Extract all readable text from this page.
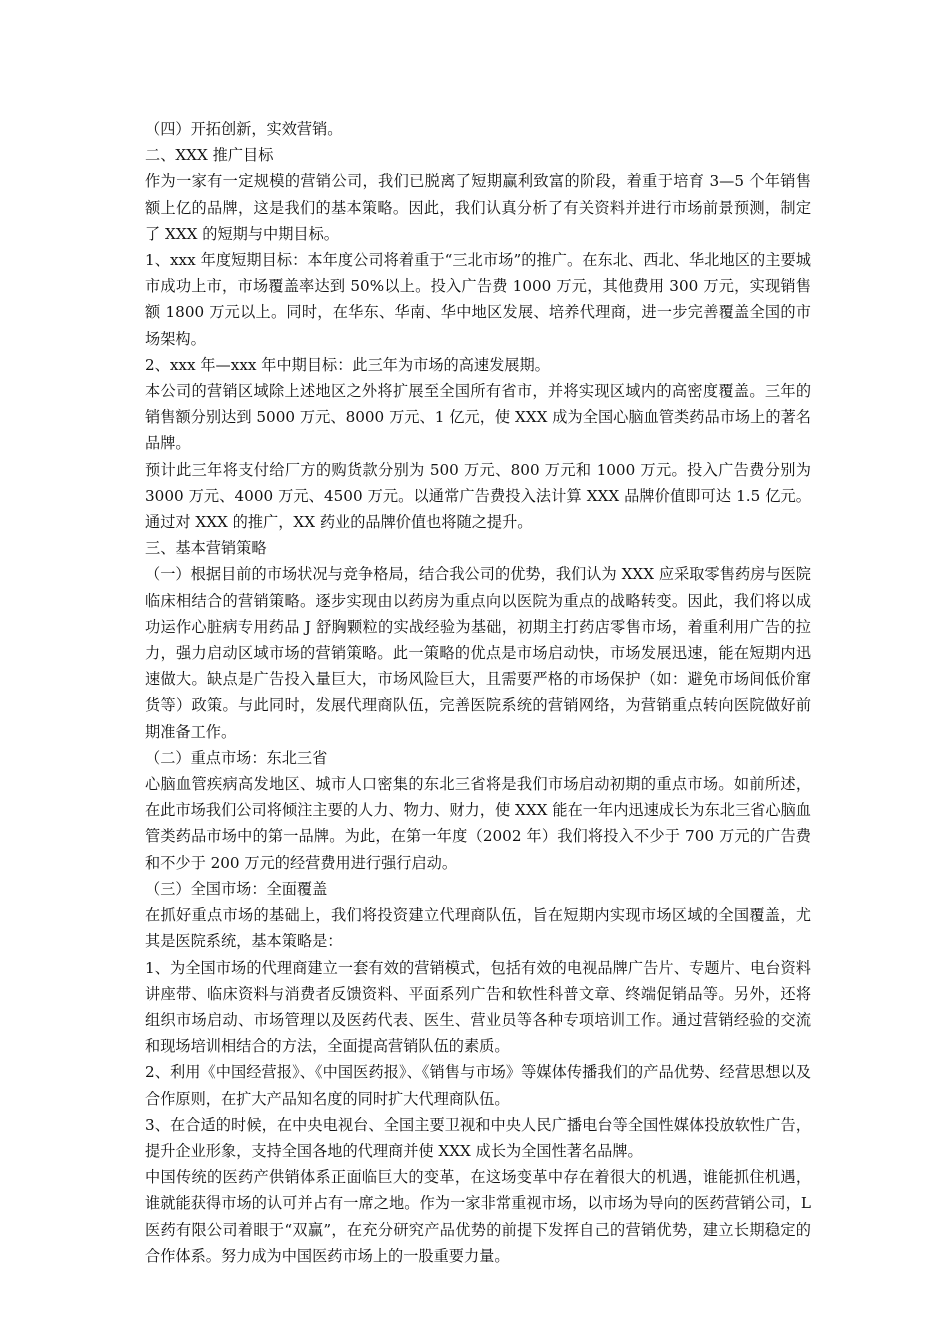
（四）开拓创新，实效营销。

二、XXX 推广目标

作为一家有一定规模的营销公司，我们已脱离了短期赢利致富的阶段，着重于培育 3—5 个年销售额上亿的品牌，这是我们的基本策略。因此，我们认真分析了有关资料并进行市场前景预测，制定了 XXX 的短期与中期目标。

1、xxx 年度短期目标：本年度公司将着重于“三北市场”的推广。在东北、西北、华北地区的主要城市成功上市，市场覆盖率达到 50%以上。投入广告费 1000 万元，其他费用 300 万元，实现销售额 1800 万元以上。同时，在华东、华南、华中地区发展、培养代理商，进一步完善覆盖全国的市场架构。

2、xxx 年—xxx 年中期目标：此三年为市场的高速发展期。

本公司的营销区域除上述地区之外将扩展至全国所有省市，并将实现区域内的高密度覆盖。三年的销售额分别达到 5000 万元、8000 万元、1 亿元，使 XXX 成为全国心脑血管类药品市场上的著名品牌。

预计此三年将支付给厂方的购货款分别为 500 万元、800 万元和 1000 万元。投入广告费分别为 3000 万元、4000 万元、4500 万元。以通常广告费投入法计算 XXX 品牌价值即可达 1.5 亿元。通过对 XXX 的推广，XX 药业的品牌价值也将随之提升。

三、基本营销策略

（一）根据目前的市场状况与竞争格局，结合我公司的优势，我们认为 XXX 应采取零售药房与医院临床相结合的营销策略。逐步实现由以药房为重点向以医院为重点的战略转变。因此，我们将以成功运作心脏病专用药品 J 舒胸颗粒的实战经验为基础，初期主打药店零售市场，着重利用广告的拉力，强力启动区域市场的营销策略。此一策略的优点是市场启动快，市场发展迅速，能在短期内迅速做大。缺点是广告投入量巨大，市场风险巨大，且需要严格的市场保护（如：避免市场间低价窜货等）政策。与此同时，发展代理商队伍，完善医院系统的营销网络，为营销重点转向医院做好前期准备工作。

（二）重点市场：东北三省

心脑血管疾病高发地区、城市人口密集的东北三省将是我们市场启动初期的重点市场。如前所述，在此市场我们公司将倾注主要的人力、物力、财力，使 XXX 能在一年内迅速成长为东北三省心脑血管类药品市场中的第一品牌。为此，在第一年度（2002 年）我们将投入不少于 700 万元的广告费和不少于 200 万元的经营费用进行强行启动。

（三）全国市场：全面覆盖

在抓好重点市场的基础上，我们将投资建立代理商队伍，旨在短期内实现市场区域的全国覆盖，尤其是医院系统，基本策略是：

1、为全国市场的代理商建立一套有效的营销模式，包括有效的电视品牌广告片、专题片、电台资料讲座带、临床资料与消费者反馈资料、平面系列广告和软性科普文章、终端促销品等。另外，还将组织市场启动、市场管理以及医药代表、医生、营业员等各种专项培训工作。通过营销经验的交流和现场培训相结合的方法，全面提高营销队伍的素质。

2、利用《中国经营报》、《中国医药报》、《销售与市场》等媒体传播我们的产品优势、经营思想以及合作原则，在扩大产品知名度的同时扩大代理商队伍。

3、在合适的时候，在中央电视台、全国主要卫视和中央人民广播电台等全国性媒体投放软性广告，提升企业形象，支持全国各地的代理商并使 XXX 成长为全国性著名品牌。

中国传统的医药产供销体系正面临巨大的变革，在这场变革中存在着很大的机遇，谁能抓住机遇，谁就能获得市场的认可并占有一席之地。作为一家非常重视市场，以市场为导向的医药营销公司，L 医药有限公司着眼于“双赢”，在充分研究产品优势的前提下发挥自己的营销优势，建立长期稳定的合作体系。努力成为中国医药市场上的一股重要力量。
